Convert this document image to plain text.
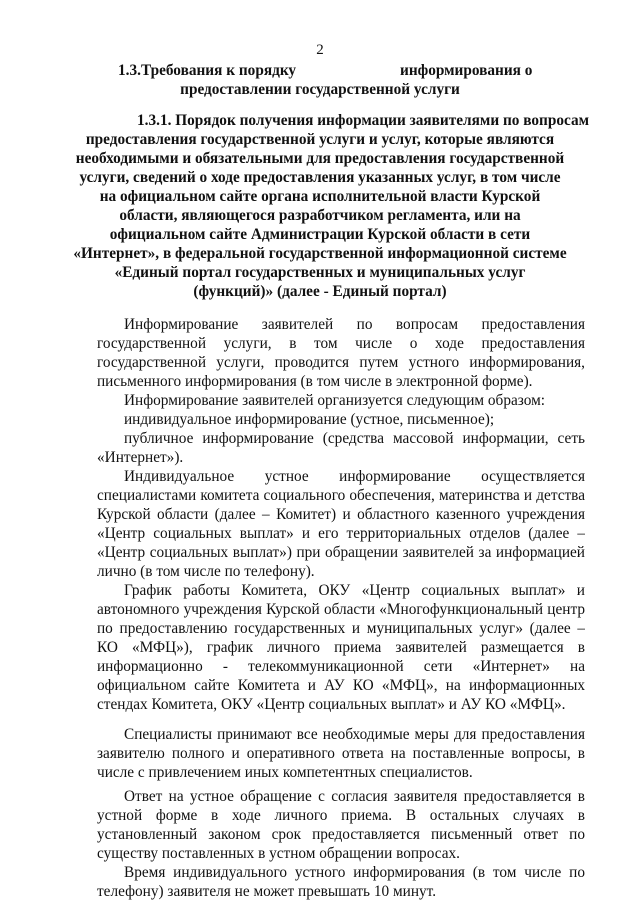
2
1.3.Требования к порядку	информирования о
предоставлении государственной услуги
1.3.1. Порядок получения информации заявителями по вопросам
предоставления государственной услуги и услуг, которые являются
необходимыми и обязательными для предоставления государственной
услуги, сведений о ходе предоставления указанных услуг, в том числе
на официальном сайте органа исполнительной власти Курской
области, являющегося разработчиком регламента, или на
официальном сайте Администрации Курской области в сети
«Интернет», в федеральной государственной информационной системе
«Единый портал государственных и муниципальных услуг
(функций)» (далее - Единый портал)
Информирование заявителей по вопросам предоставления
государственной услуги, в том числе о ходе предоставления
государственной услуги, проводится путем устного информирования,
письменного информирования (в том числе в электронной форме).
Информирование заявителей организуется следующим образом:
индивидуальное информирование (устное, письменное);
публичное информирование (средства массовой информации, сеть
«Интернет»).
Индивидуальное устное информирование осуществляется
специалистами комитета социального обеспечения, материнства и детства
Курской области (далее – Комитет) и областного казенного учреждения
«Центр социальных выплат» и его территориальных отделов (далее –
«Центр социальных выплат») при обращении заявителей за информацией
лично (в том числе по телефону).
График работы Комитета, ОКУ «Центр социальных выплат» и
автономного учреждения Курской области «Многофункциональный центр
по предоставлению государственных и муниципальных услуг» (далее –
КО «МФЦ»), график личного приема заявителей размещается в
информационно - телекоммуникационной сети «Интернет» на
официальном сайте Комитета и АУ КО «МФЦ», на информационных
стендах Комитета, ОКУ «Центр социальных выплат» и АУ КО «МФЦ».
Специалисты принимают все необходимые меры для предоставления
заявителю полного и оперативного ответа на поставленные вопросы, в
числе с привлечением иных компетентных специалистов.
Ответ на устное обращение с согласия заявителя предоставляется в
устной форме в ходе личного приема. В остальных случаях в
установленный законом срок предоставляется письменный ответ по
существу поставленных в устном обращении вопросах.
Время индивидуального устного информирования (в том числе по
телефону) заявителя не может превышать 10 минут.
